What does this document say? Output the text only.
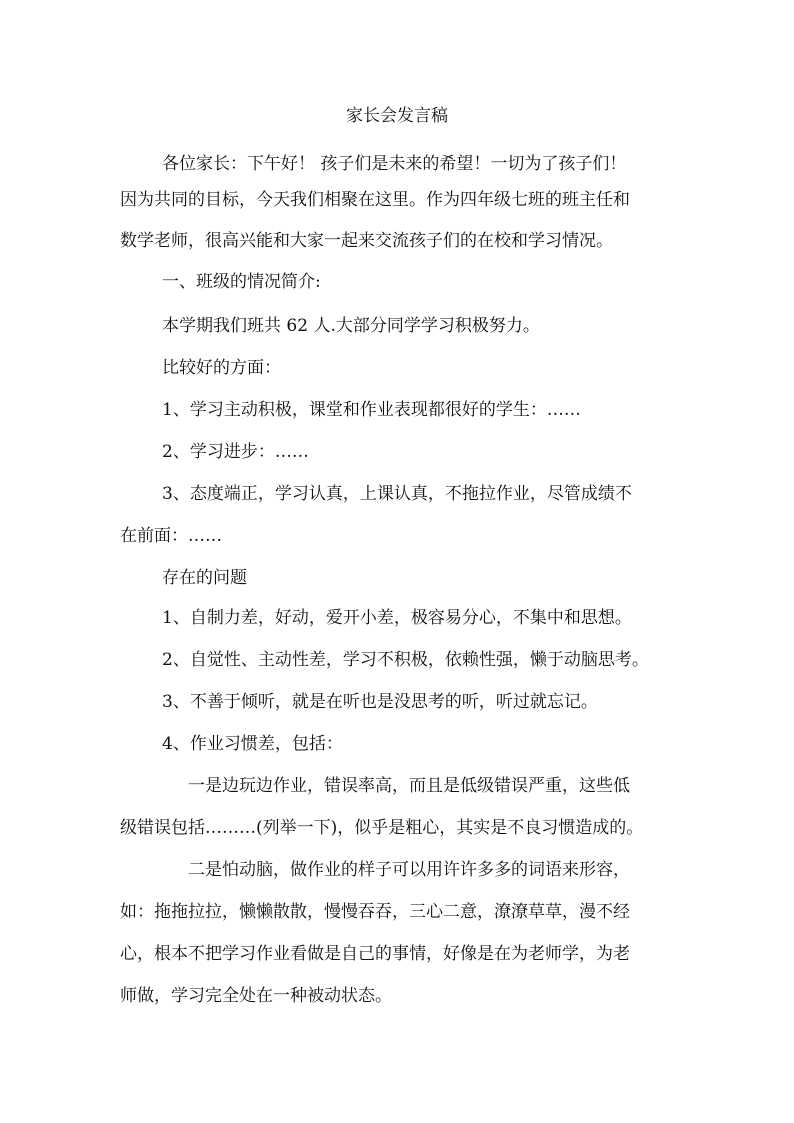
家长会发言稿

各位家长：下午好！ 孩子们是未来的希望！一切为了孩子们！

因为共同的目标，今天我们相聚在这里。作为四年级七班的班主任和

数学老师，很高兴能和大家一起来交流孩子们的在校和学习情况。

一、班级的情况简介:

本学期我们班共 62 人.大部分同学学习积极努力。

比较好的方面：

1、学习主动积极，课堂和作业表现都很好的学生：……

2、学习进步：……

3、态度端正，学习认真，上课认真，不拖拉作业，尽管成绩不

在前面：……

存在的问题

1、自制力差，好动，爱开小差，极容易分心，不集中和思想。

2、自觉性、主动性差，学习不积极，依赖性强，懒于动脑思考。

3、不善于倾听，就是在听也是没思考的听，听过就忘记。

4、作业习惯差，包括：

一是边玩边作业，错误率高，而且是低级错误严重，这些低

级错误包括………(列举一下)，似乎是粗心，其实是不良习惯造成的。

二是怕动脑，做作业的样子可以用许许多多的词语来形容，

如：拖拖拉拉，懒懒散散，慢慢吞吞，三心二意，潦潦草草，漫不经

心，根本不把学习作业看做是自己的事情，好像是在为老师学，为老

师做，学习完全处在一种被动状态。
